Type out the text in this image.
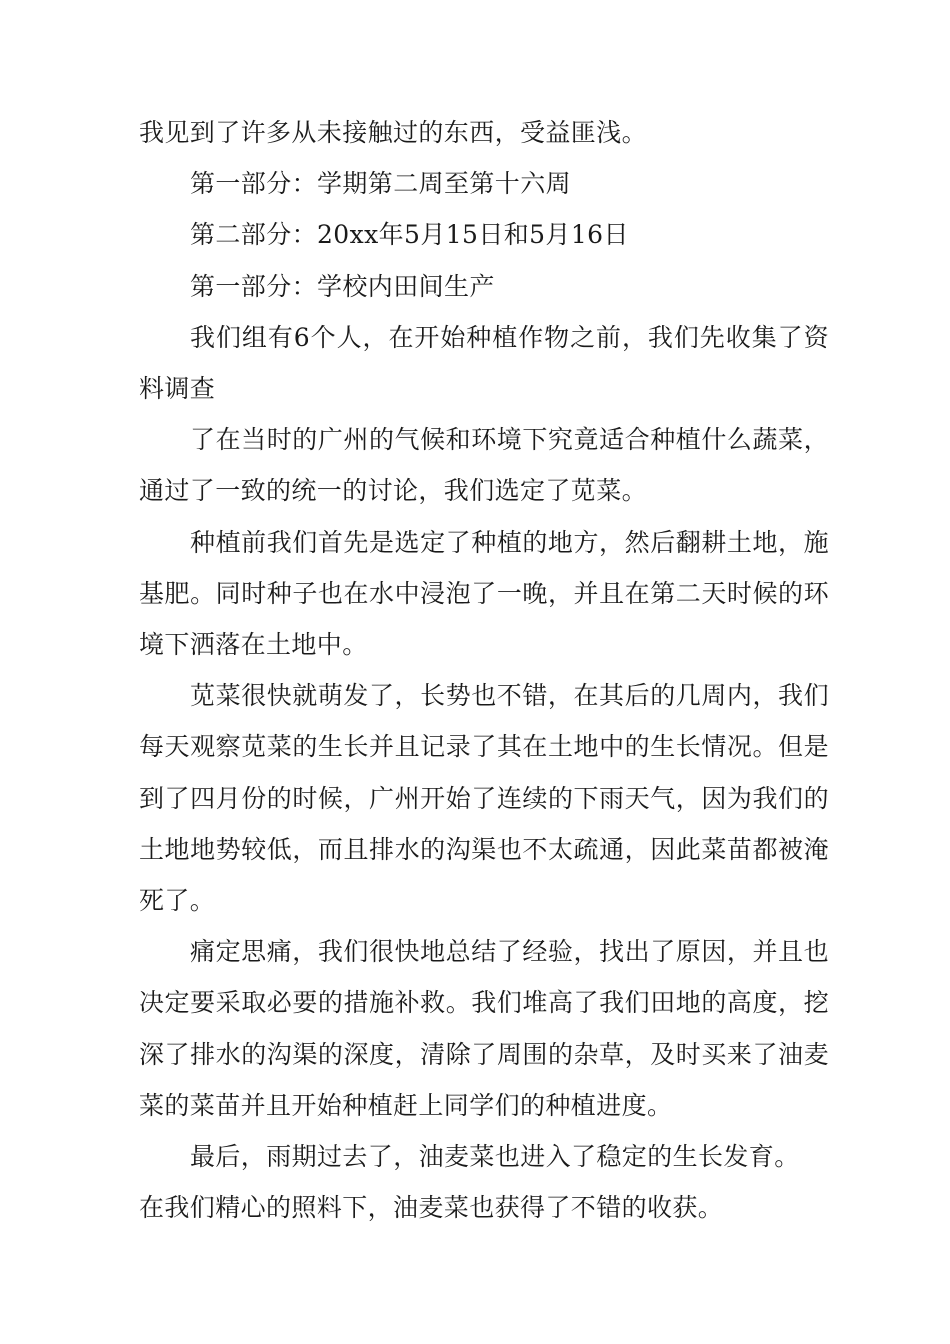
我见到了许多从未接触过的东西，受益匪浅。

第一部分：学期第二周至第十六周

第二部分：20xx年5月15日和5月16日

第一部分：学校内田间生产

我们组有6个人，在开始种植作物之前，我们先收集了资料调查

了在当时的广州的气候和环境下究竟适合种植什么蔬菜，通过了一致的统一的讨论，我们选定了苋菜。

种植前我们首先是选定了种植的地方，然后翻耕土地，施基肥。同时种子也在水中浸泡了一晚，并且在第二天时候的环境下洒落在土地中。

苋菜很快就萌发了，长势也不错，在其后的几周内，我们每天观察苋菜的生长并且记录了其在土地中的生长情况。但是到了四月份的时候，广州开始了连续的下雨天气，因为我们的土地地势较低，而且排水的沟渠也不太疏通，因此菜苗都被淹死了。

痛定思痛，我们很快地总结了经验，找出了原因，并且也决定要采取必要的措施补救。我们堆高了我们田地的高度，挖深了排水的沟渠的深度，清除了周围的杂草，及时买来了油麦菜的菜苗并且开始种植赶上同学们的种植进度。

最后，雨期过去了，油麦菜也进入了稳定的生长发育。

在我们精心的照料下，油麦菜也获得了不错的收获。
